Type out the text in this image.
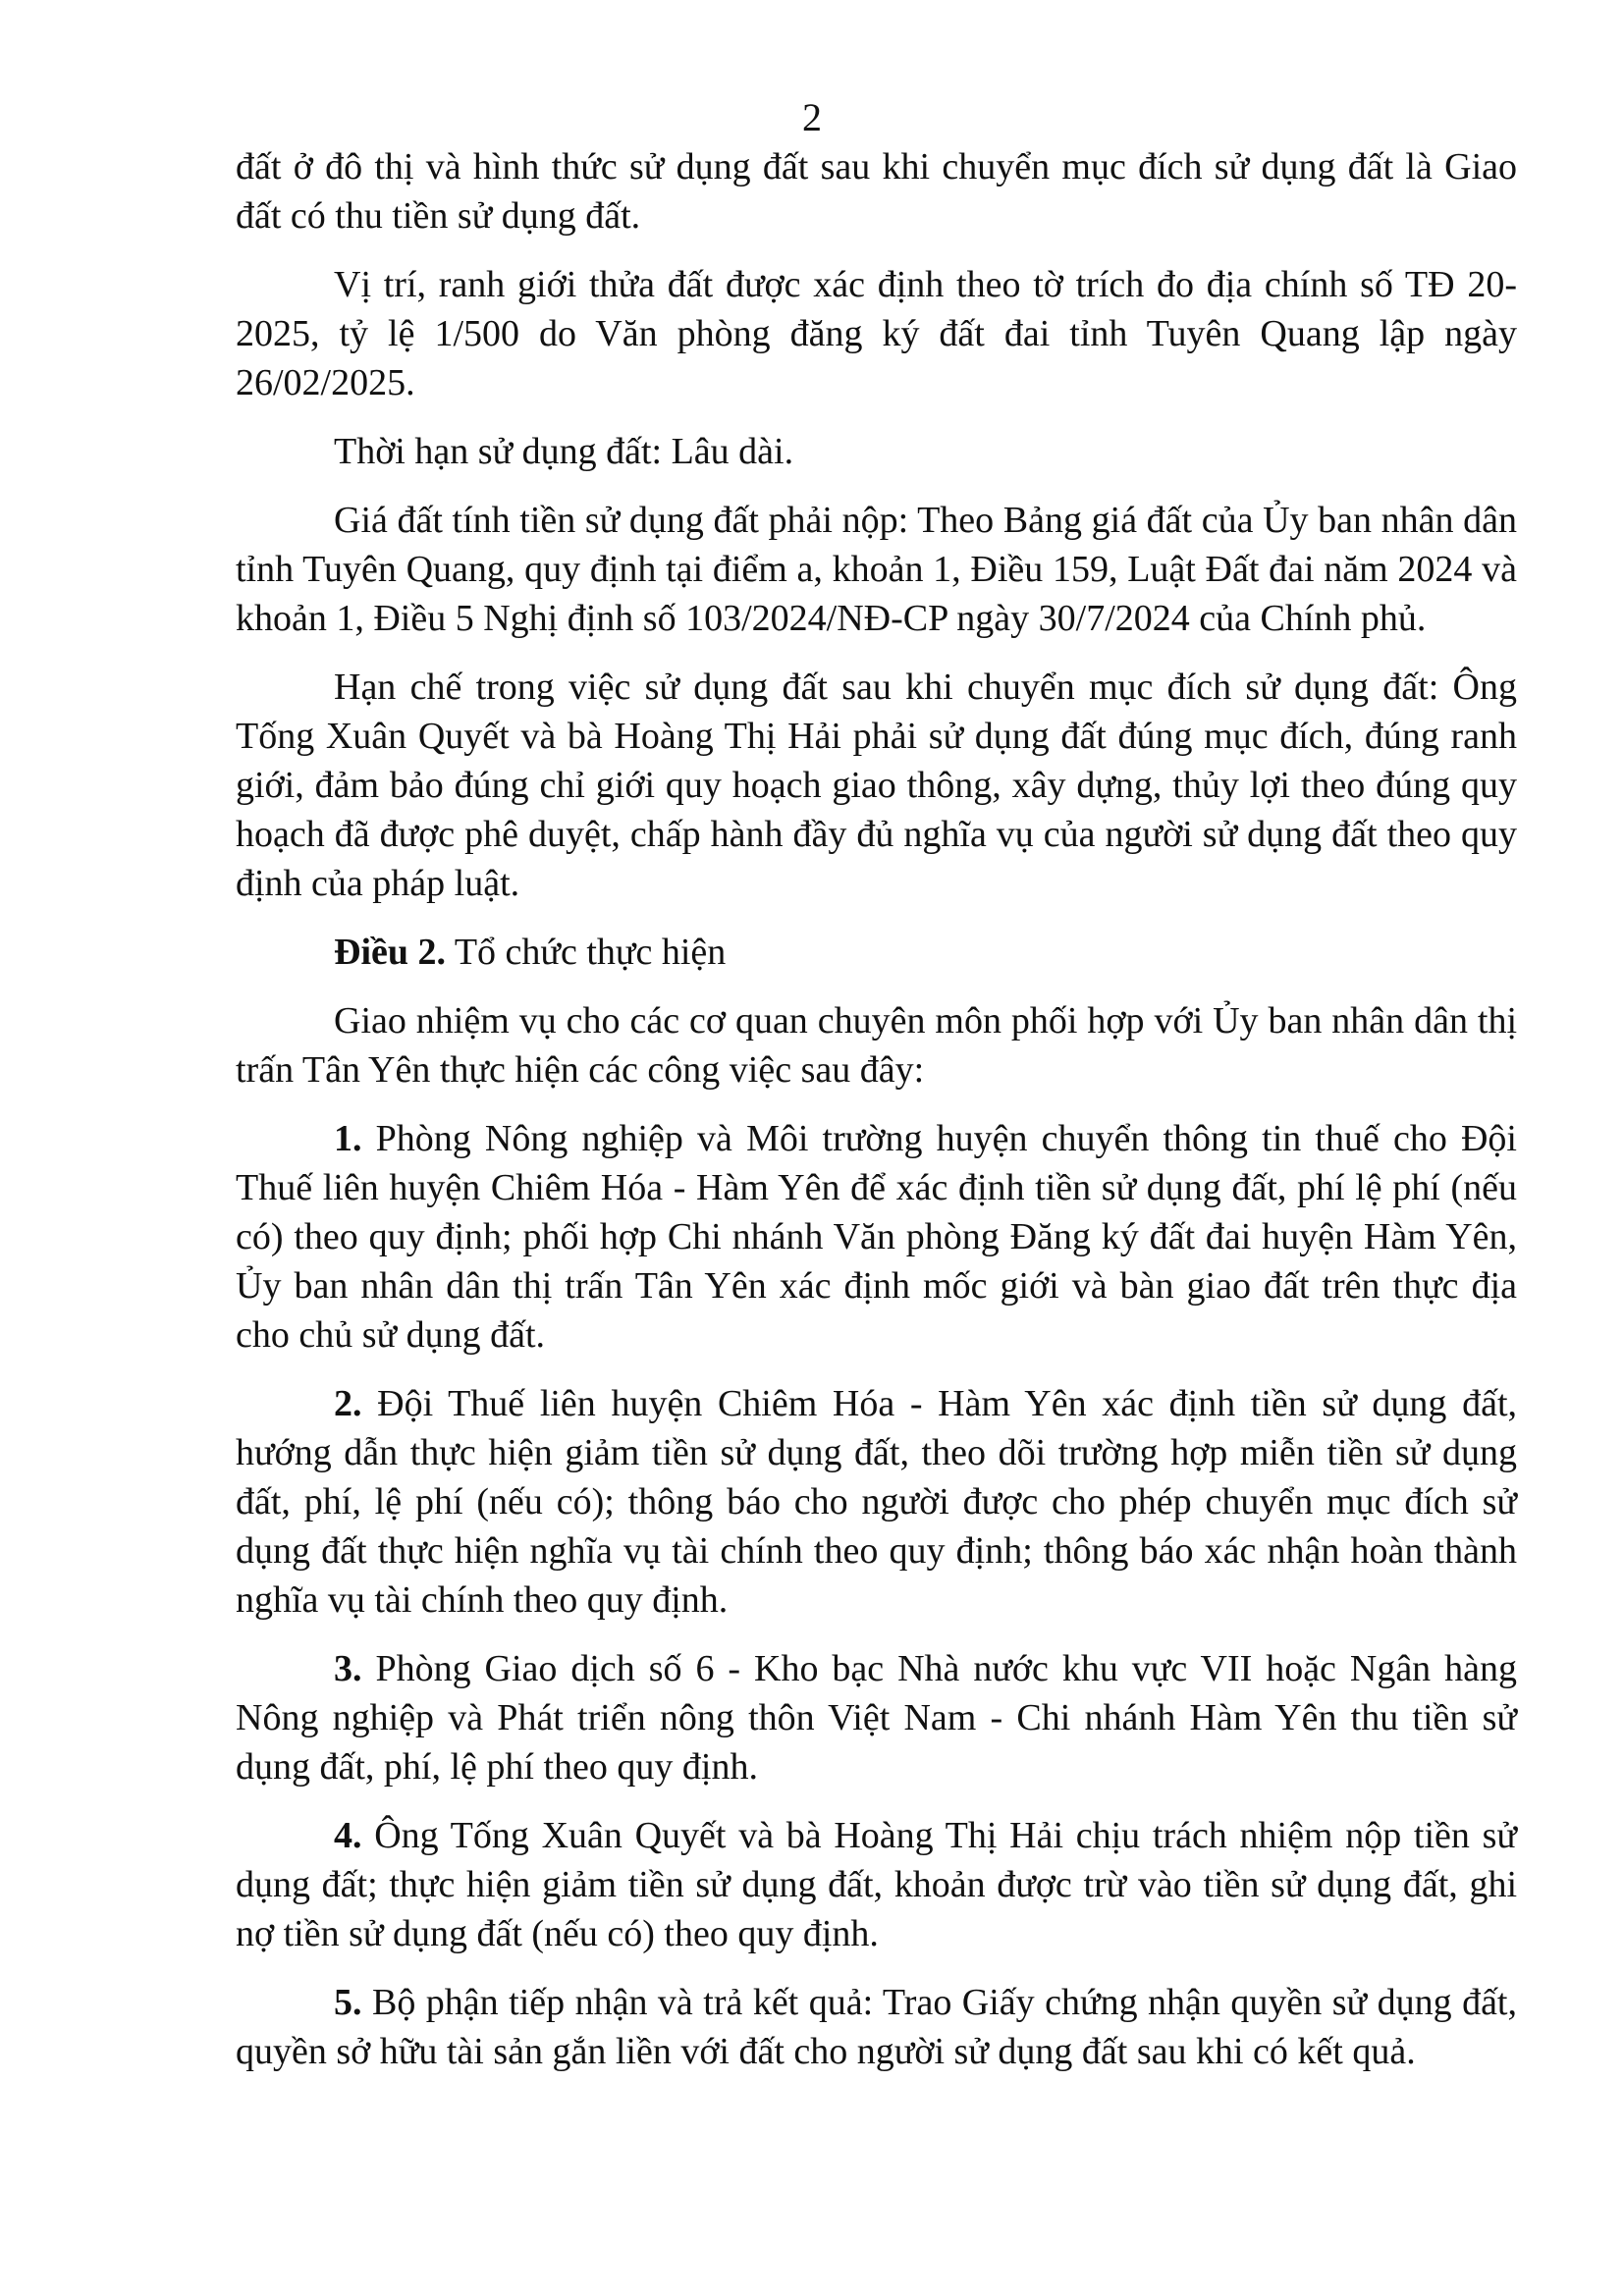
2

đất ở đô thị và hình thức sử dụng đất sau khi chuyển mục đích sử dụng đất là Giao đất có thu tiền sử dụng đất.

Vị trí, ranh giới thửa đất được xác định theo tờ trích đo địa chính số TĐ 20-2025, tỷ lệ 1/500 do Văn phòng đăng ký đất đai tỉnh Tuyên Quang lập ngày 26/02/2025.

Thời hạn sử dụng đất: Lâu dài.

Giá đất tính tiền sử dụng đất phải nộp: Theo Bảng giá đất của Ủy ban nhân dân tỉnh Tuyên Quang, quy định tại điểm a, khoản 1, Điều 159, Luật Đất đai năm 2024 và khoản 1, Điều 5 Nghị định số 103/2024/NĐ-CP ngày 30/7/2024 của Chính phủ.

Hạn chế trong việc sử dụng đất sau khi chuyển mục đích sử dụng đất: Ông Tống Xuân Quyết và bà Hoàng Thị Hải phải sử dụng đất đúng mục đích, đúng ranh giới, đảm bảo đúng chỉ giới quy hoạch giao thông, xây dựng, thủy lợi theo đúng quy hoạch đã được phê duyệt, chấp hành đầy đủ nghĩa vụ của người sử dụng đất theo quy định của pháp luật.

Điều 2. Tổ chức thực hiện

Giao nhiệm vụ cho các cơ quan chuyên môn phối hợp với Ủy ban nhân dân thị trấn Tân Yên thực hiện các công việc sau đây:

1. Phòng Nông nghiệp và Môi trường huyện chuyển thông tin thuế cho Đội Thuế liên huyện Chiêm Hóa - Hàm Yên để xác định tiền sử dụng đất, phí lệ phí (nếu có) theo quy định; phối hợp Chi nhánh Văn phòng Đăng ký đất đai huyện Hàm Yên, Ủy ban nhân dân thị trấn Tân Yên xác định mốc giới và bàn giao đất trên thực địa cho chủ sử dụng đất.

2. Đội Thuế liên huyện Chiêm Hóa - Hàm Yên xác định tiền sử dụng đất, hướng dẫn thực hiện giảm tiền sử dụng đất, theo dõi trường hợp miễn tiền sử dụng đất, phí, lệ phí (nếu có); thông báo cho người được cho phép chuyển mục đích sử dụng đất thực hiện nghĩa vụ tài chính theo quy định; thông báo xác nhận hoàn thành nghĩa vụ tài chính theo quy định.

3. Phòng Giao dịch số 6 - Kho bạc Nhà nước khu vực VII hoặc Ngân hàng Nông nghiệp và Phát triển nông thôn Việt Nam - Chi nhánh Hàm Yên thu tiền sử dụng đất, phí, lệ phí theo quy định.

4. Ông Tống Xuân Quyết và bà Hoàng Thị Hải chịu trách nhiệm nộp tiền sử dụng đất; thực hiện giảm tiền sử dụng đất, khoản được trừ vào tiền sử dụng đất, ghi nợ tiền sử dụng đất (nếu có) theo quy định.

5. Bộ phận tiếp nhận và trả kết quả: Trao Giấy chứng nhận quyền sử dụng đất, quyền sở hữu tài sản gắn liền với đất cho người sử dụng đất sau khi có kết quả.
